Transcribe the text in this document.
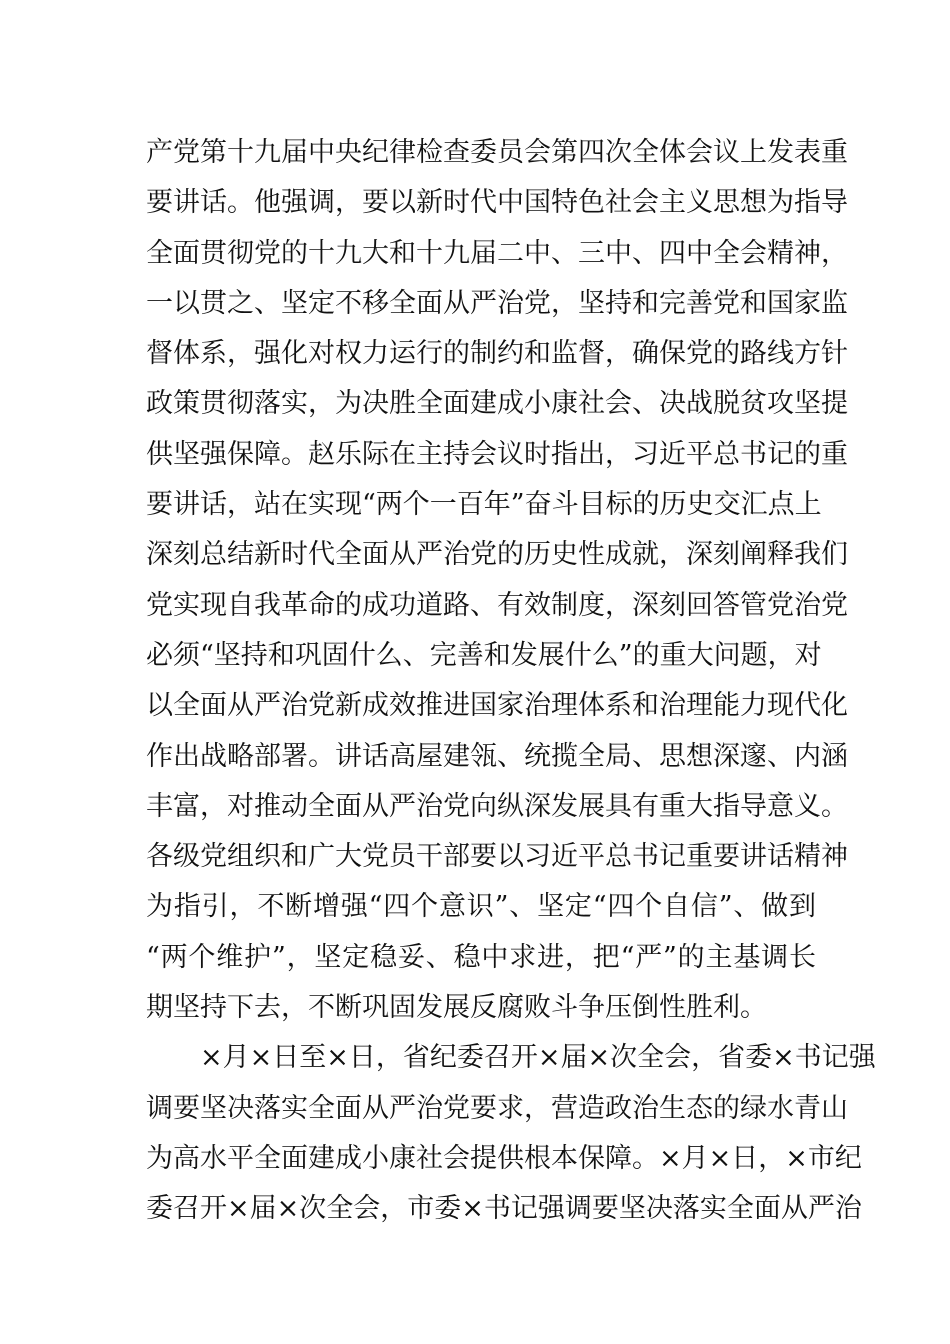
产党第十九届中央纪律检查委员会第四次全体会议上发表重
要讲话。他强调，要以新时代中国特色社会主义思想为指导
全面贯彻党的十九大和十九届二中、三中、四中全会精神，
一以贯之、坚定不移全面从严治党，坚持和完善党和国家监
督体系，强化对权力运行的制约和监督，确保党的路线方针
政策贯彻落实，为决胜全面建成小康社会、决战脱贫攻坚提
供坚强保障。赵乐际在主持会议时指出，习近平总书记的重
要讲话，站在实现“两个一百年”奋斗目标的历史交汇点上
深刻总结新时代全面从严治党的历史性成就，深刻阐释我们
党实现自我革命的成功道路、有效制度，深刻回答管党治党
必须“坚持和巩固什么、完善和发展什么”的重大问题，对
以全面从严治党新成效推进国家治理体系和治理能力现代化
作出战略部署。讲话高屋建瓴、统揽全局、思想深邃、内涵
丰富，对推动全面从严治党向纵深发展具有重大指导意义。
各级党组织和广大党员干部要以习近平总书记重要讲话精神
为指引，不断增强“四个意识”、坚定“四个自信”、做到
“两个维护”，坚定稳妥、稳中求进，把“严”的主基调长
期坚持下去，不断巩固发展反腐败斗争压倒性胜利。
×月×日至×日，省纪委召开×届×次全会，省委×书记强
调要坚决落实全面从严治党要求，营造政治生态的绿水青山
为高水平全面建成小康社会提供根本保障。×月×日，×市纪
委召开×届×次全会，市委×书记强调要坚决落实全面从严治
